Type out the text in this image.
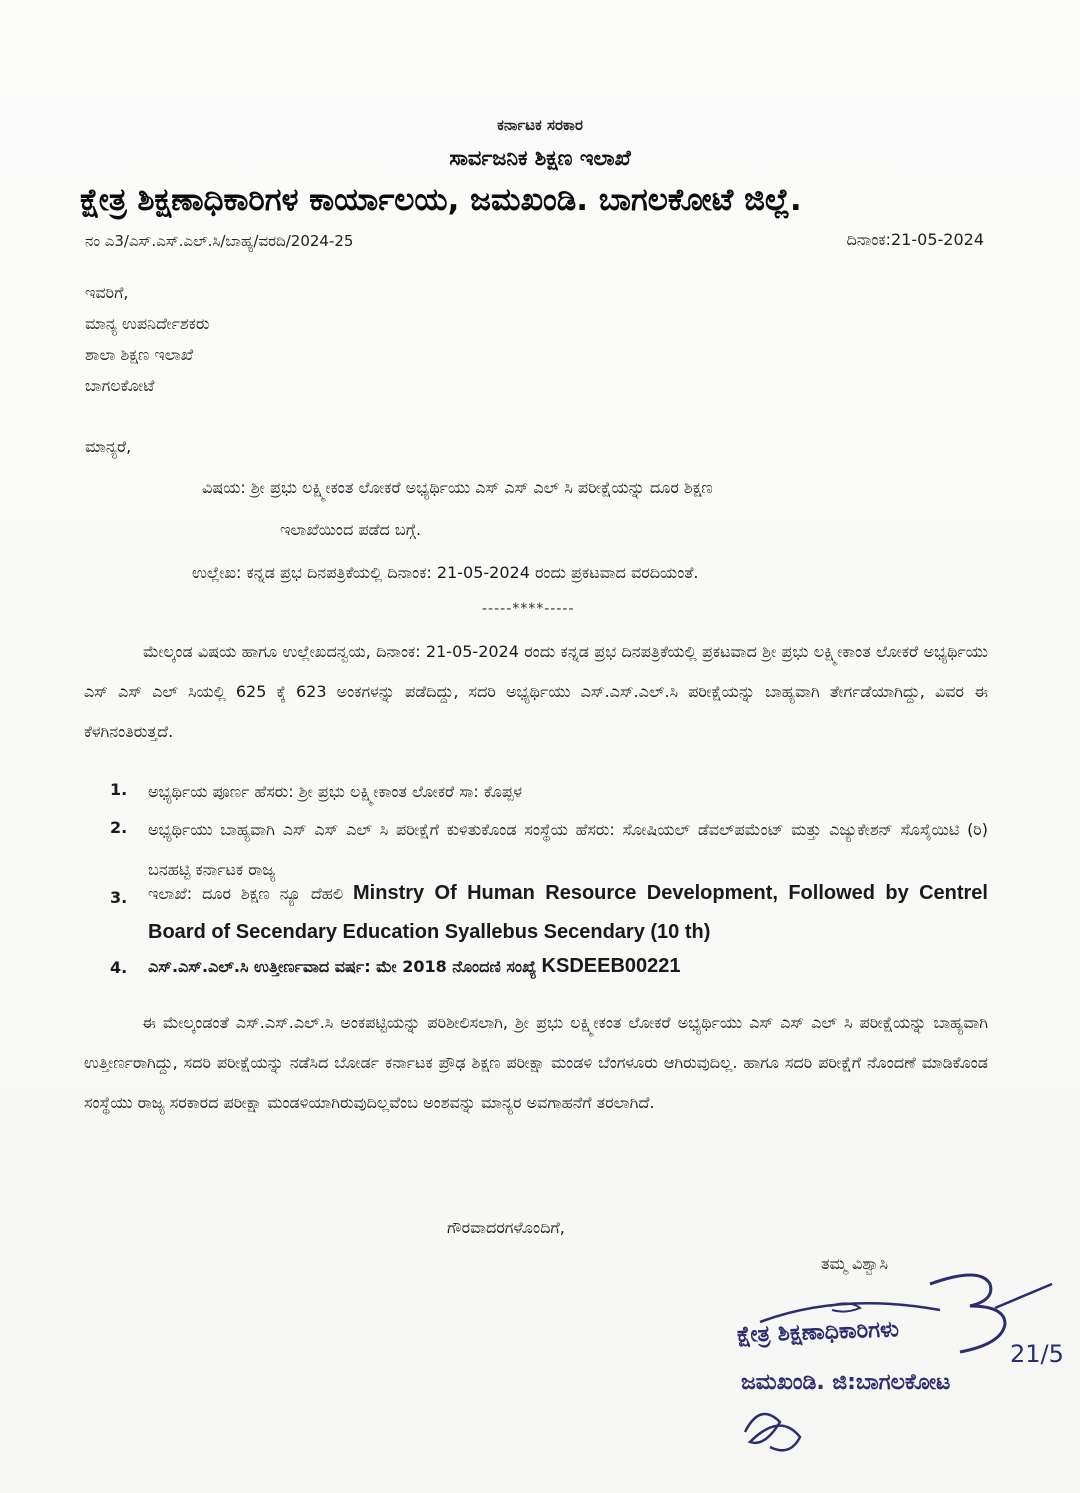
ಕರ್ನಾಟಕ ಸರಕಾರ
ಸಾರ್ವಜನಿಕ ಶಿಕ್ಷಣ ಇಲಾಖೆ
ಕ್ಷೇತ್ರ ಶಿಕ್ಷಣಾಧಿಕಾರಿಗಳ ಕಾರ್ಯಾಲಯ, ಜಮಖಂಡಿ. ಬಾಗಲಕೋಟೆ ಜಿಲ್ಲೆ.
ನಂ ಎ3/ಎಸ್.ಎಸ್.ಎಲ್.ಸಿ/ಬಾಹ್ಯ/ವರದಿ/2024-25	ದಿನಾಂಕ:21-05-2024
ಇವರಿಗೆ,
ಮಾನ್ಯ ಉಪನಿರ್ದೇಶಕರು
ಶಾಲಾ ಶಿಕ್ಷಣ ಇಲಾಖೆ
ಬಾಗಲಕೋಟೆ
ಮಾನ್ಯರೆ,
ವಿಷಯ: ಶ್ರೀ ಪ್ರಭು ಲಕ್ಷ್ಮೀಕಂತ ಲೋಕರೆ ಅಭ್ಯರ್ಥಿಯು ಎಸ್ ಎಸ್ ಎಲ್ ಸಿ ಪರೀಕ್ಷೆಯನ್ನು ದೂರ ಶಿಕ್ಷಣ
ಇಲಾಖೆಯಿಂದ ಪಡೆದ ಬಗ್ಗೆ.
ಉಲ್ಲೇಖ: ಕನ್ನಡ ಪ್ರಭ ದಿನಪತ್ರಿಕೆಯಲ್ಲಿ ದಿನಾಂಕ: 21-05-2024 ರಂದು ಪ್ರಕಟವಾದ ವರದಿಯಂತೆ.
-----****-----
ಮೇಲ್ಕಂಡ ವಿಷಯ ಹಾಗೂ ಉಲ್ಲೇಖದನ್ವಯ, ದಿನಾಂಕ: 21-05-2024 ರಂದು ಕನ್ನಡ ಪ್ರಭ ದಿನಪತ್ರಿಕೆಯಲ್ಲಿ ಪ್ರಕಟವಾದ ಶ್ರೀ ಪ್ರಭು ಲಕ್ಷ್ಮೀಕಾಂತ ಲೋಕರೆ ಅಭ್ಯರ್ಥಿಯು ಎಸ್ ಎಸ್ ಎಲ್ ಸಿಯಲ್ಲಿ 625 ಕ್ಕೆ 623 ಅಂಕಗಳನ್ನು ಪಡೆದಿದ್ದು, ಸದರಿ ಅಭ್ಯರ್ಥಿಯು ಎಸ್.ಎಸ್.ಎಲ್.ಸಿ ಪರೀಕ್ಷೆಯನ್ನು ಬಾಹ್ಯವಾಗಿ ತೇರ್ಗಡೆಯಾಗಿದ್ದು, ವಿವರ ಈ ಕೆಳಗಿನಂತಿರುತ್ತದೆ.
1.	ಅಭ್ಯರ್ಥಿಯ ಪೂರ್ಣ ಹೆಸರು: ಶ್ರೀ ಪ್ರಭು ಲಕ್ಷ್ಮೀಕಾಂತ ಲೋಕರೆ ಸಾ: ಕೊಪ್ಪಳ
2.	ಅಭ್ಯರ್ಥಿಯು ಬಾಹ್ಯವಾಗಿ ಎಸ್ ಎಸ್ ಎಲ್ ಸಿ ಪರೀಕ್ಷೆಗೆ ಕುಳಿತುಕೊಂಡ ಸಂಸ್ಥೆಯ ಹೆಸರು: ಸೋಷಿಯಲ್ ಡೆವಲ್‌ಪಮೆಂಟ್ ಮತ್ತು ಎಜ್ಯುಕೇಶನ್ ಸೊಸೈಯಿಟಿ (ರಿ) ಬನಹಟ್ಟಿ ಕರ್ನಾಟಕ ರಾಜ್ಯ
3.	ಇಲಾಖೆ: ದೂರ ಶಿಕ್ಷಣ ನ್ಯೂ ದೆಹಲಿ Minstry Of Human Resource Development, Followed by Centrel Board of Secendary Education Syallebus Secendary (10 th)
4.	ಎಸ್.ಎಸ್.ಎಲ್.ಸಿ ಉತ್ತೀರ್ಣವಾದ ವರ್ಷ: ಮೇ 2018 ನೊಂದಣಿ ಸಂಖ್ಯೆ KSDEEB00221
ಈ ಮೇಲ್ಕಂಡಂತೆ ಎಸ್.ಎಸ್.ಎಲ್.ಸಿ ಅಂಕಪಟ್ಟಿಯನ್ನು ಪರಿಶೀಲಿಸಲಾಗಿ, ಶ್ರೀ ಪ್ರಭು ಲಕ್ಷ್ಮೀಕಂತ ಲೋಕರೆ ಅಭ್ಯರ್ಥಿಯು ಎಸ್ ಎಸ್ ಎಲ್ ಸಿ ಪರೀಕ್ಷೆಯನ್ನು ಬಾಹ್ಯವಾಗಿ ಉತ್ತೀರ್ಣರಾಗಿದ್ದು, ಸದರಿ ಪರೀಕ್ಷೆಯನ್ನು ನಡೆಸಿದ ಬೋರ್ಡ ಕರ್ನಾಟಕ ಪ್ರೌಢ ಶಿಕ್ಷಣ ಪರೀಕ್ಷಾ ಮಂಡಳಿ ಬೆಂಗಳೂರು ಆಗಿರುವುದಿಲ್ಲ. ಹಾಗೂ ಸದರಿ ಪರೀಕ್ಷೆಗೆ ನೊಂದಣೆ ಮಾಡಿಕೊಂಡ ಸಂಸ್ಥೆಯು ರಾಜ್ಯ ಸರಕಾರದ ಪರೀಕ್ಷಾ ಮಂಡಳಿಯಾಗಿರುವುದಿಲ್ಲವೆಂಬ ಅಂಶವನ್ನು ಮಾನ್ಯರ ಅವಗಾಹನೆಗೆ ತರಲಾಗಿದೆ.
ಗೌರವಾದರಗಳೊಂದಿಗೆ,
ತಮ್ಮ ವಿಶ್ವಾಸಿ
21/5
ಕ್ಷೇತ್ರ ಶಿಕ್ಷಣಾಧಿಕಾರಿಗಳು
ಜಮಖಂಡಿ. ಜಿ:ಬಾಗಲಕೋಟ
